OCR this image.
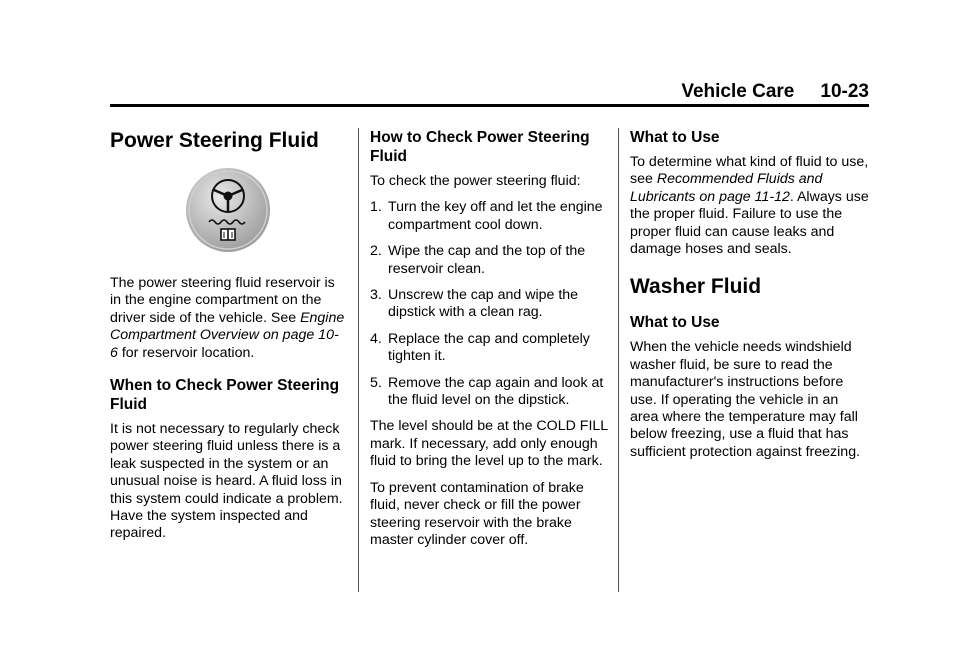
Vehicle Care 10-23
Power Steering Fluid

The power steering fluid reservoir is in the engine compartment on the driver side of the vehicle. See Engine Compartment Overview on page 10-6 for reservoir location.

When to Check Power Steering Fluid

It is not necessary to regularly check power steering fluid unless there is a leak suspected in the system or an unusual noise is heard. A fluid loss in this system could indicate a problem. Have the system inspected and repaired.

How to Check Power Steering Fluid

To check the power steering fluid:

1. Turn the key off and let the engine compartment cool down.
2. Wipe the cap and the top of the reservoir clean.
3. Unscrew the cap and wipe the dipstick with a clean rag.
4. Replace the cap and completely tighten it.
5. Remove the cap again and look at the fluid level on the dipstick.

The level should be at the COLD FILL mark. If necessary, add only enough fluid to bring the level up to the mark.

To prevent contamination of brake fluid, never check or fill the power steering reservoir with the brake master cylinder cover off.

What to Use

To determine what kind of fluid to use, see Recommended Fluids and Lubricants on page 11-12. Always use the proper fluid. Failure to use the proper fluid can cause leaks and damage hoses and seals.

Washer Fluid
What to Use

When the vehicle needs windshield washer fluid, be sure to read the manufacturer's instructions before use. If operating the vehicle in an area where the temperature may fall below freezing, use a fluid that has sufficient protection against freezing.
